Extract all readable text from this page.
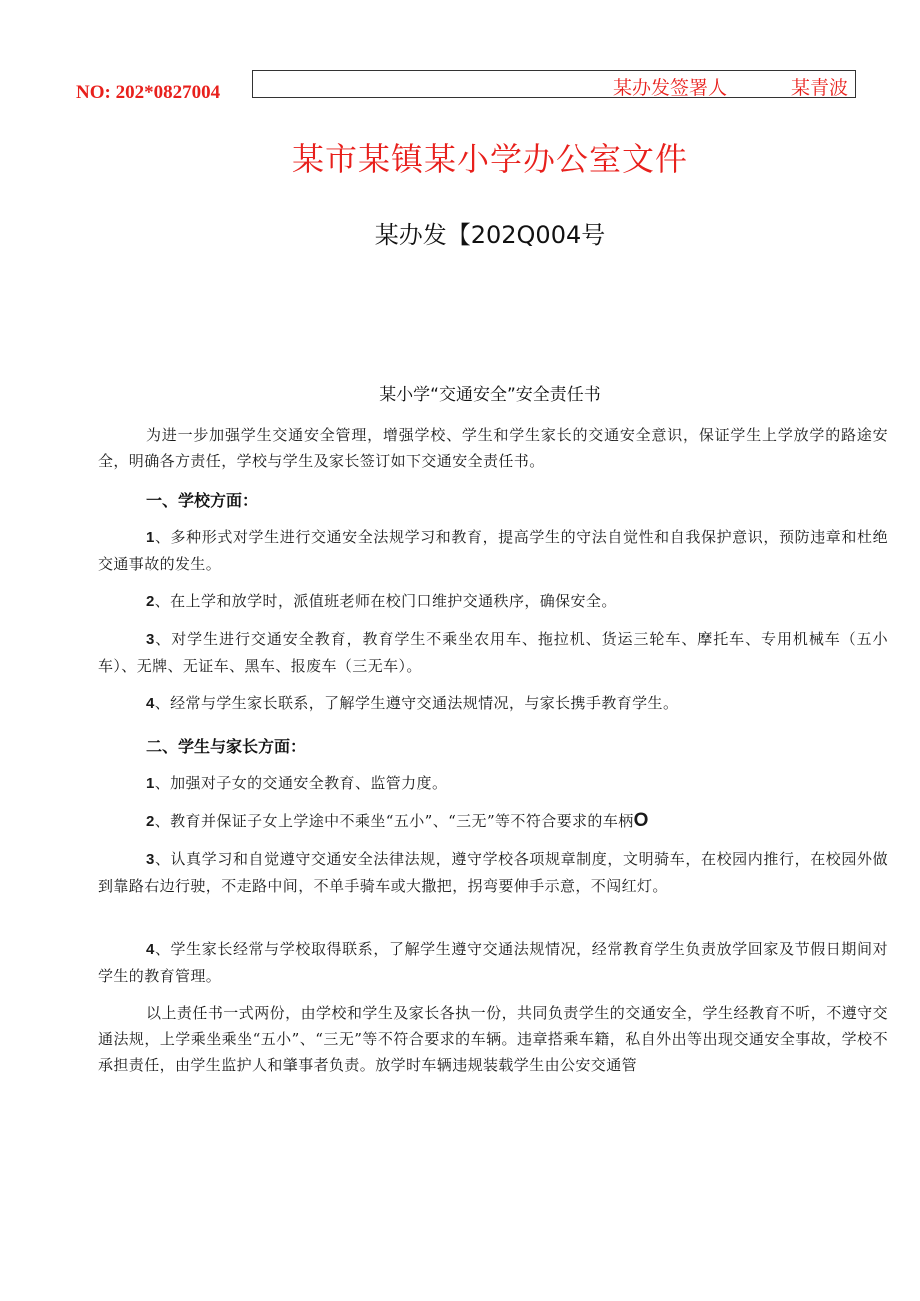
NO: 202*0827004	某办发签署人	某青波
某市某镇某小学办公室文件
某办发【202Q004号
某小学“交通安全”安全责任书
为进一步加强学生交通安全管理，增强学校、学生和学生家长的交通安全意识，保证学生上学放学的路途安全，明确各方责任，学校与学生及家长签订如下交通安全责任书。
一、学校方面：
1、多种形式对学生进行交通安全法规学习和教育，提高学生的守法自觉性和自我保护意识，预防违章和杜绝交通事故的发生。
2、在上学和放学时，派值班老师在校门口维护交通秩序，确保安全。
3、对学生进行交通安全教育，教育学生不乘坐农用车、拖拉机、货运三轮车、摩托车、专用机械车（五小车）、无牌、无证车、黑车、报废车（三无车）。
4、经常与学生家长联系，了解学生遵守交通法规情况，与家长携手教育学生。
二、学生与家长方面：
1、加强对子女的交通安全教育、监管力度。
2、教育并保证子女上学途中不乘坐“五小”、“三无”等不符合要求的车柄O
3、认真学习和自觉遵守交通安全法律法规，遵守学校各项规章制度，文明骑车，在校园内推行，在校园外做到靠路右边行驶，不走路中间，不单手骑车或大撒把，拐弯要伸手示意，不闯红灯。
4、学生家长经常与学校取得联系，了解学生遵守交通法规情况，经常教育学生负责放学回家及节假日期间对学生的教育管理。
以上责任书一式两份，由学校和学生及家长各执一份，共同负责学生的交通安全，学生经教育不听，不遵守交通法规，上学乘坐乘坐“五小”、“三无”等不符合要求的车辆。违章搭乘车籍，私自外出等出现交通安全事故，学校不承担责任，由学生监护人和肇事者负责。放学时车辆违规装载学生由公安交通管
